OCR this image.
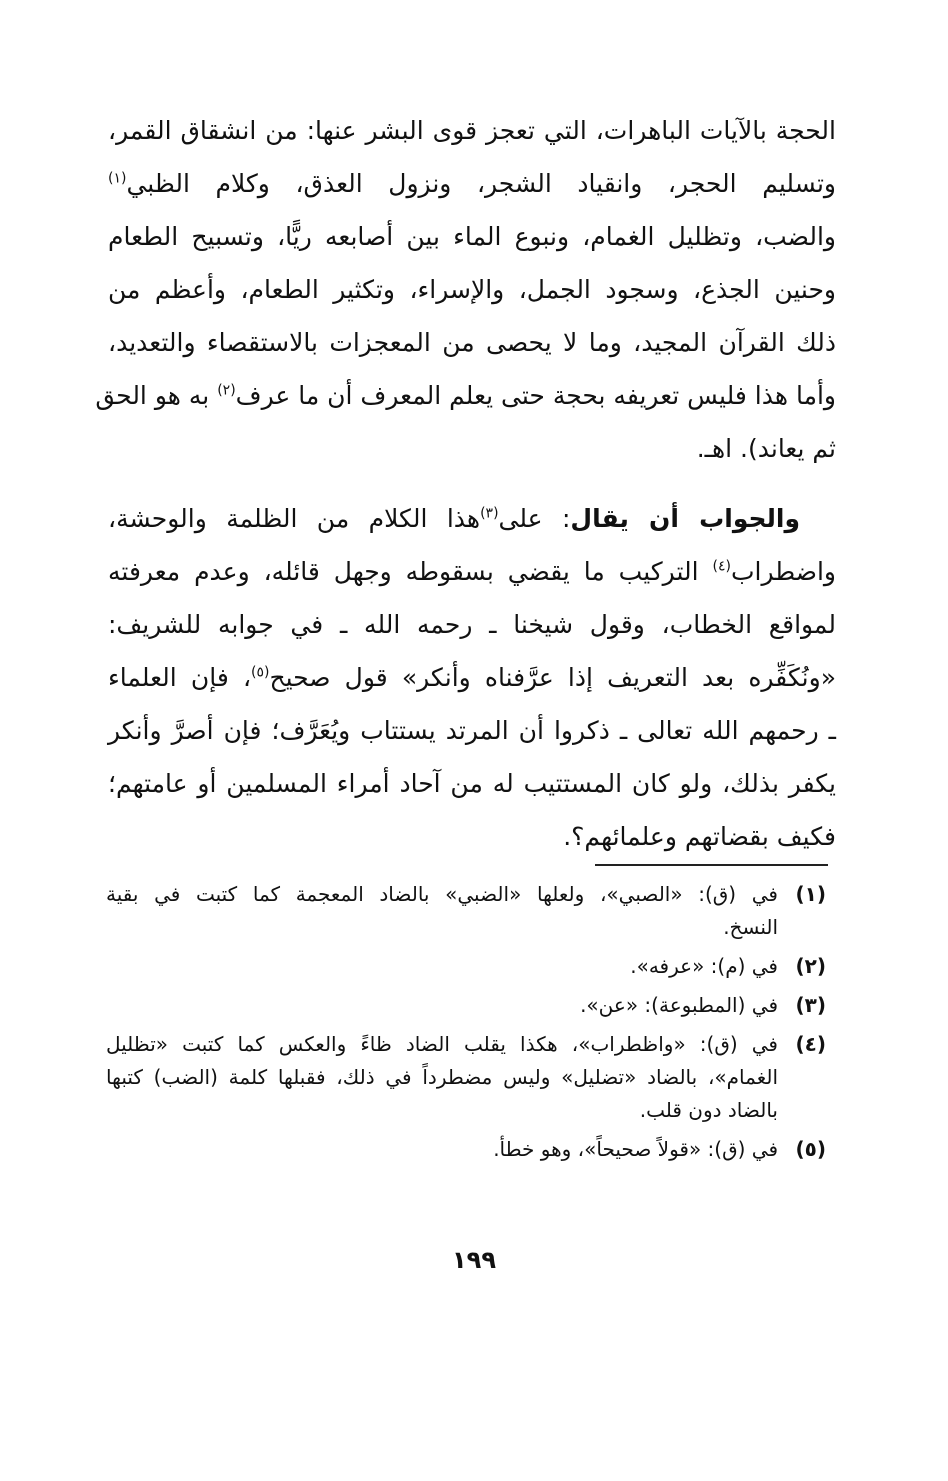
الحجة بالآيات الباهرات، التي تعجز قوى البشر عنها: من انشقاق القمر،
وتسليم الحجر، وانقياد الشجر، ونزول العذق، وكلام الظبي$^{(١)}$
والضب، وتظليل الغمام، ونبوع الماء بين أصابعه ريًّا، وتسبيح الطعام
وحنين الجذع، وسجود الجمل، والإسراء، وتكثير الطعام، وأعظم من
ذلك القرآن المجيد، وما لا يحصى من المعجزات بالاستقصاء والتعديد،
وأما هذا فليس تعريفه بحجة حتى يعلم المعرف أن ما عرف$^{(٢)}$ به هو الحق
ثم يعاند). اهـ.
والجواب أن يقال: على$^{(٣)}$هذا الكلام من الظلمة والوحشة،
واضطراب$^{(٤)}$ التركيب ما يقضي بسقوطه وجهل قائله، وعدم معرفته
لمواقع الخطاب، وقول شيخنا ـ رحمه الله ـ في جوابه للشريف:
«ونُكَفِّره بعد التعريف إذا عرَّفناه وأنكر» قول صحيح$^{(٥)}$، فإن العلماء
ـ رحمهم الله تعالى ـ ذكروا أن المرتد يستتاب ويُعَرَّف؛ فإن أصرَّ وأنكر
يكفر بذلك، ولو كان المستتيب له من آحاد أمراء المسلمين أو عامتهم؛
فكيف بقضاتهم وعلمائهم؟.
(١)
في (ق): «الصبي»، ولعلها «الضبي» بالضاد المعجمة كما كتبت في بقية
النسخ.
(٢)
في (م): «عرفه».
(٣)
في (المطبوعة): «عن».
(٤)
في (ق): «واظطراب»، هكذا يقلب الضاد ظاءً والعكس كما كتبت «تظليل
الغمام»، بالضاد «تضليل» وليس مضطرداً في ذلك، فقبلها كلمة (الضب) كتبها
بالضاد دون قلب.
(٥)
في (ق): «قولاً صحيحاً»، وهو خطأ.
١٩٩
